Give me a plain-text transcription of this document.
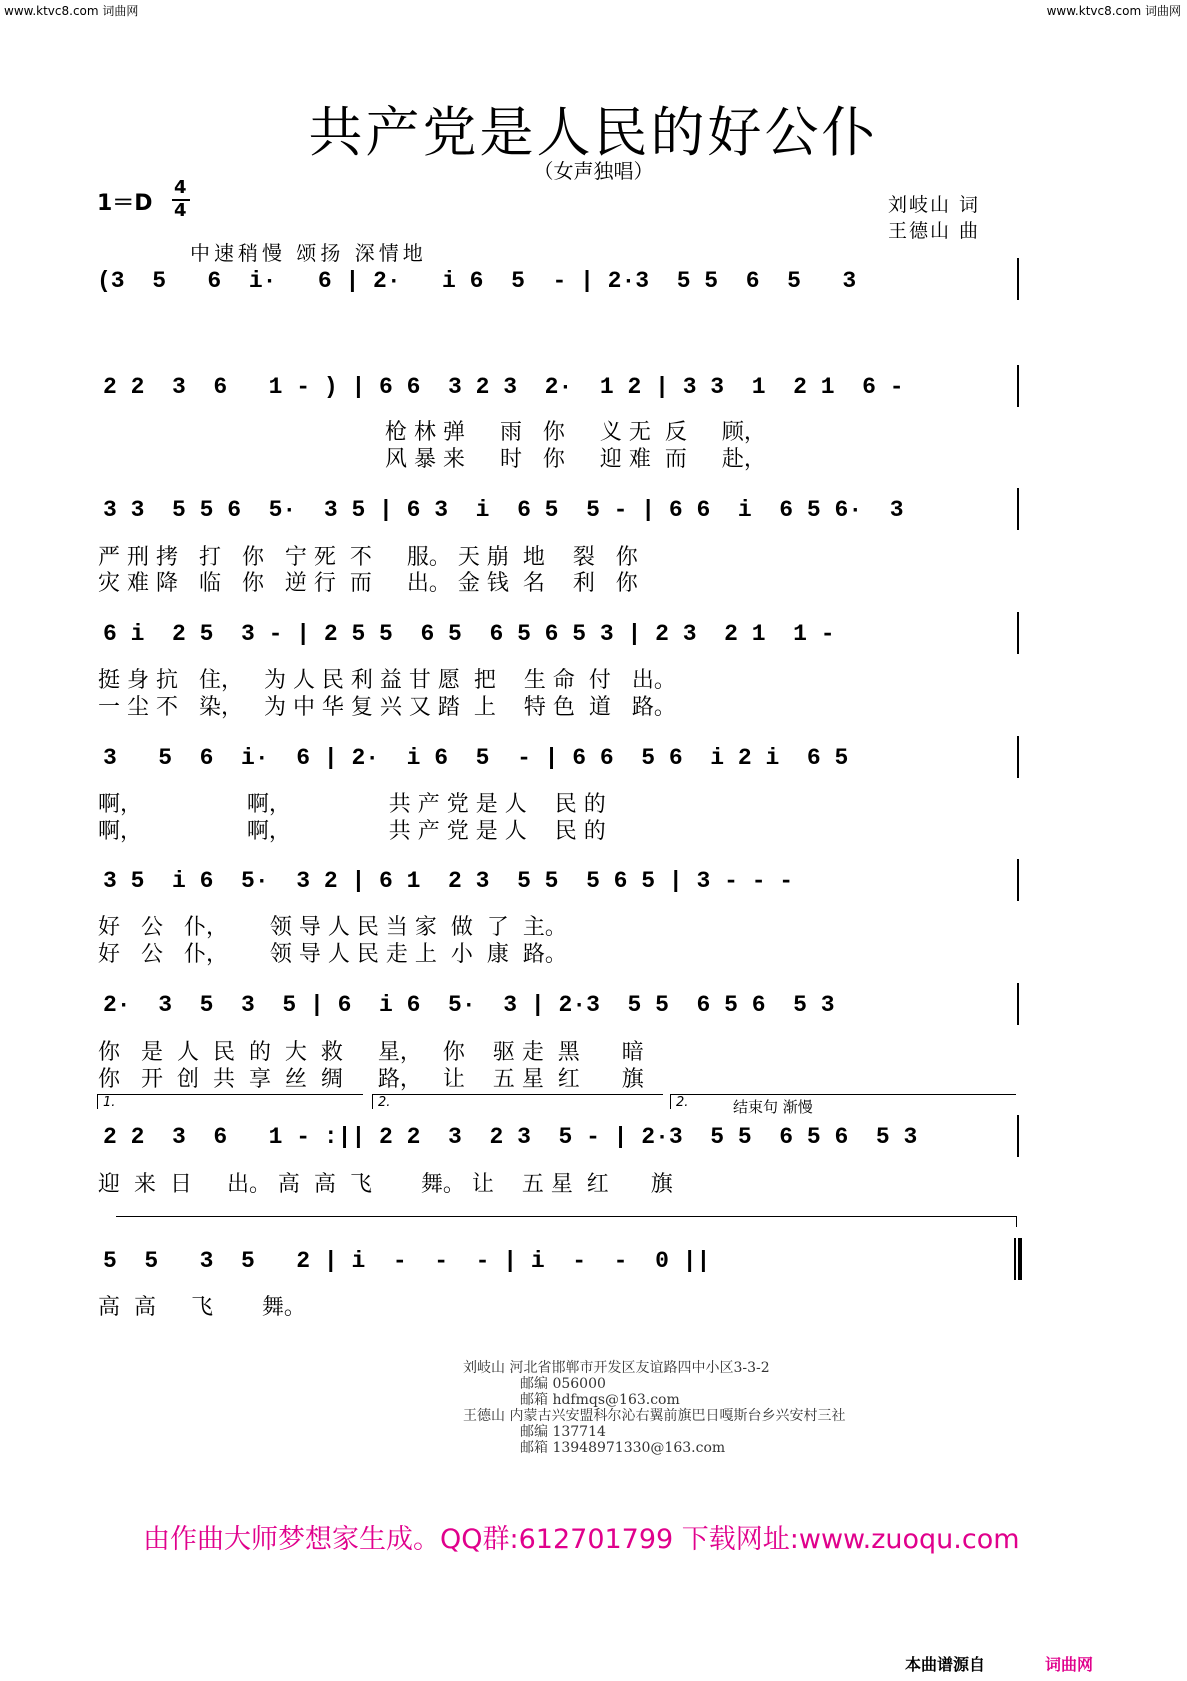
www.ktvc8.com 词曲网	www.ktvc8.com 词曲网
共产党是人民的好公仆
（女声独唱）
1＝D
4
4	刘岐山 词
王德山 曲
中速稍慢 颂扬 深情地
(3  5   6  i·   6 | 2·   i 6  5  - | 2·3  5 5  6  5   3
2 2  3  6   1 - ) | 6 6  3 2 3  2·  1 2 | 3 3  1  2 1  6 -
枪 林 弹     雨   你     义 无  反     顾，
风 暴 来     时   你     迎 难  而     赴，
3 3  5 5 6  5·  3 5 | 6 3  i  6 5  5 - | 6 6  i  6 5 6·  3
严 刑 拷   打   你   宁 死  不     服。 天 崩  地    裂   你
灾 难 降   临   你   逆 行  而     出。 金 钱  名    利   你
6 i  2 5  3 - | 2 5 5  6 5  6 5 6 5 3 | 2 3  2 1  1 -
挺 身 抗   住，   为 人 民 利 益 甘 愿  把    生 命  付   出。
一 尘 不   染，   为 中 华 复 兴 又 踏  上    特 色  道   路。
3   5  6  i·  6 | 2·  i 6  5  - | 6 6  5 6  i 2 i  6 5
啊，               啊，              共 产 党 是 人    民 的
啊，               啊，              共 产 党 是 人    民 的
3 5  i 6  5·  3 2 | 6 1  2 3  5 5  5 6 5 | 3 - - -
好   公   仆，      领 导 人 民 当 家  做  了  主。
好   公   仆，      领 导 人 民 走 上  小  康  路。
2·  3  5  3  5 | 6  i 6  5·  3 | 2·3  5 5  6 5 6  5 3
你   是  人  民  的  大  救     星，   你    驱 走  黑      暗
你   开  创  共  享  丝  绸     路，   让    五 星  红      旗
1.	2.	2.	结束句 渐慢
2 2  3  6   1 - :|| 2 2  3  2 3  5 - | 2·3  5 5  6 5 6  5 3
迎  来  日     出。 高  高  飞       舞。 让    五 星  红      旗
5  5   3  5   2 | i  -  -  - | i  -  -  0 ||
高  高     飞       舞。
刘岐山 河北省邯郸市开发区友谊路四中小区3-3-2
邮编 056000
邮箱 hdfmqs@163.com
王德山 内蒙古兴安盟科尔沁右翼前旗巴日嘎斯台乡兴安村三社
邮编 137714
邮箱 13948971330@163.com
由作曲大师梦想家生成。QQ群:612701799 下载网址:www.zuoqu.com
本曲谱源自	词曲网
